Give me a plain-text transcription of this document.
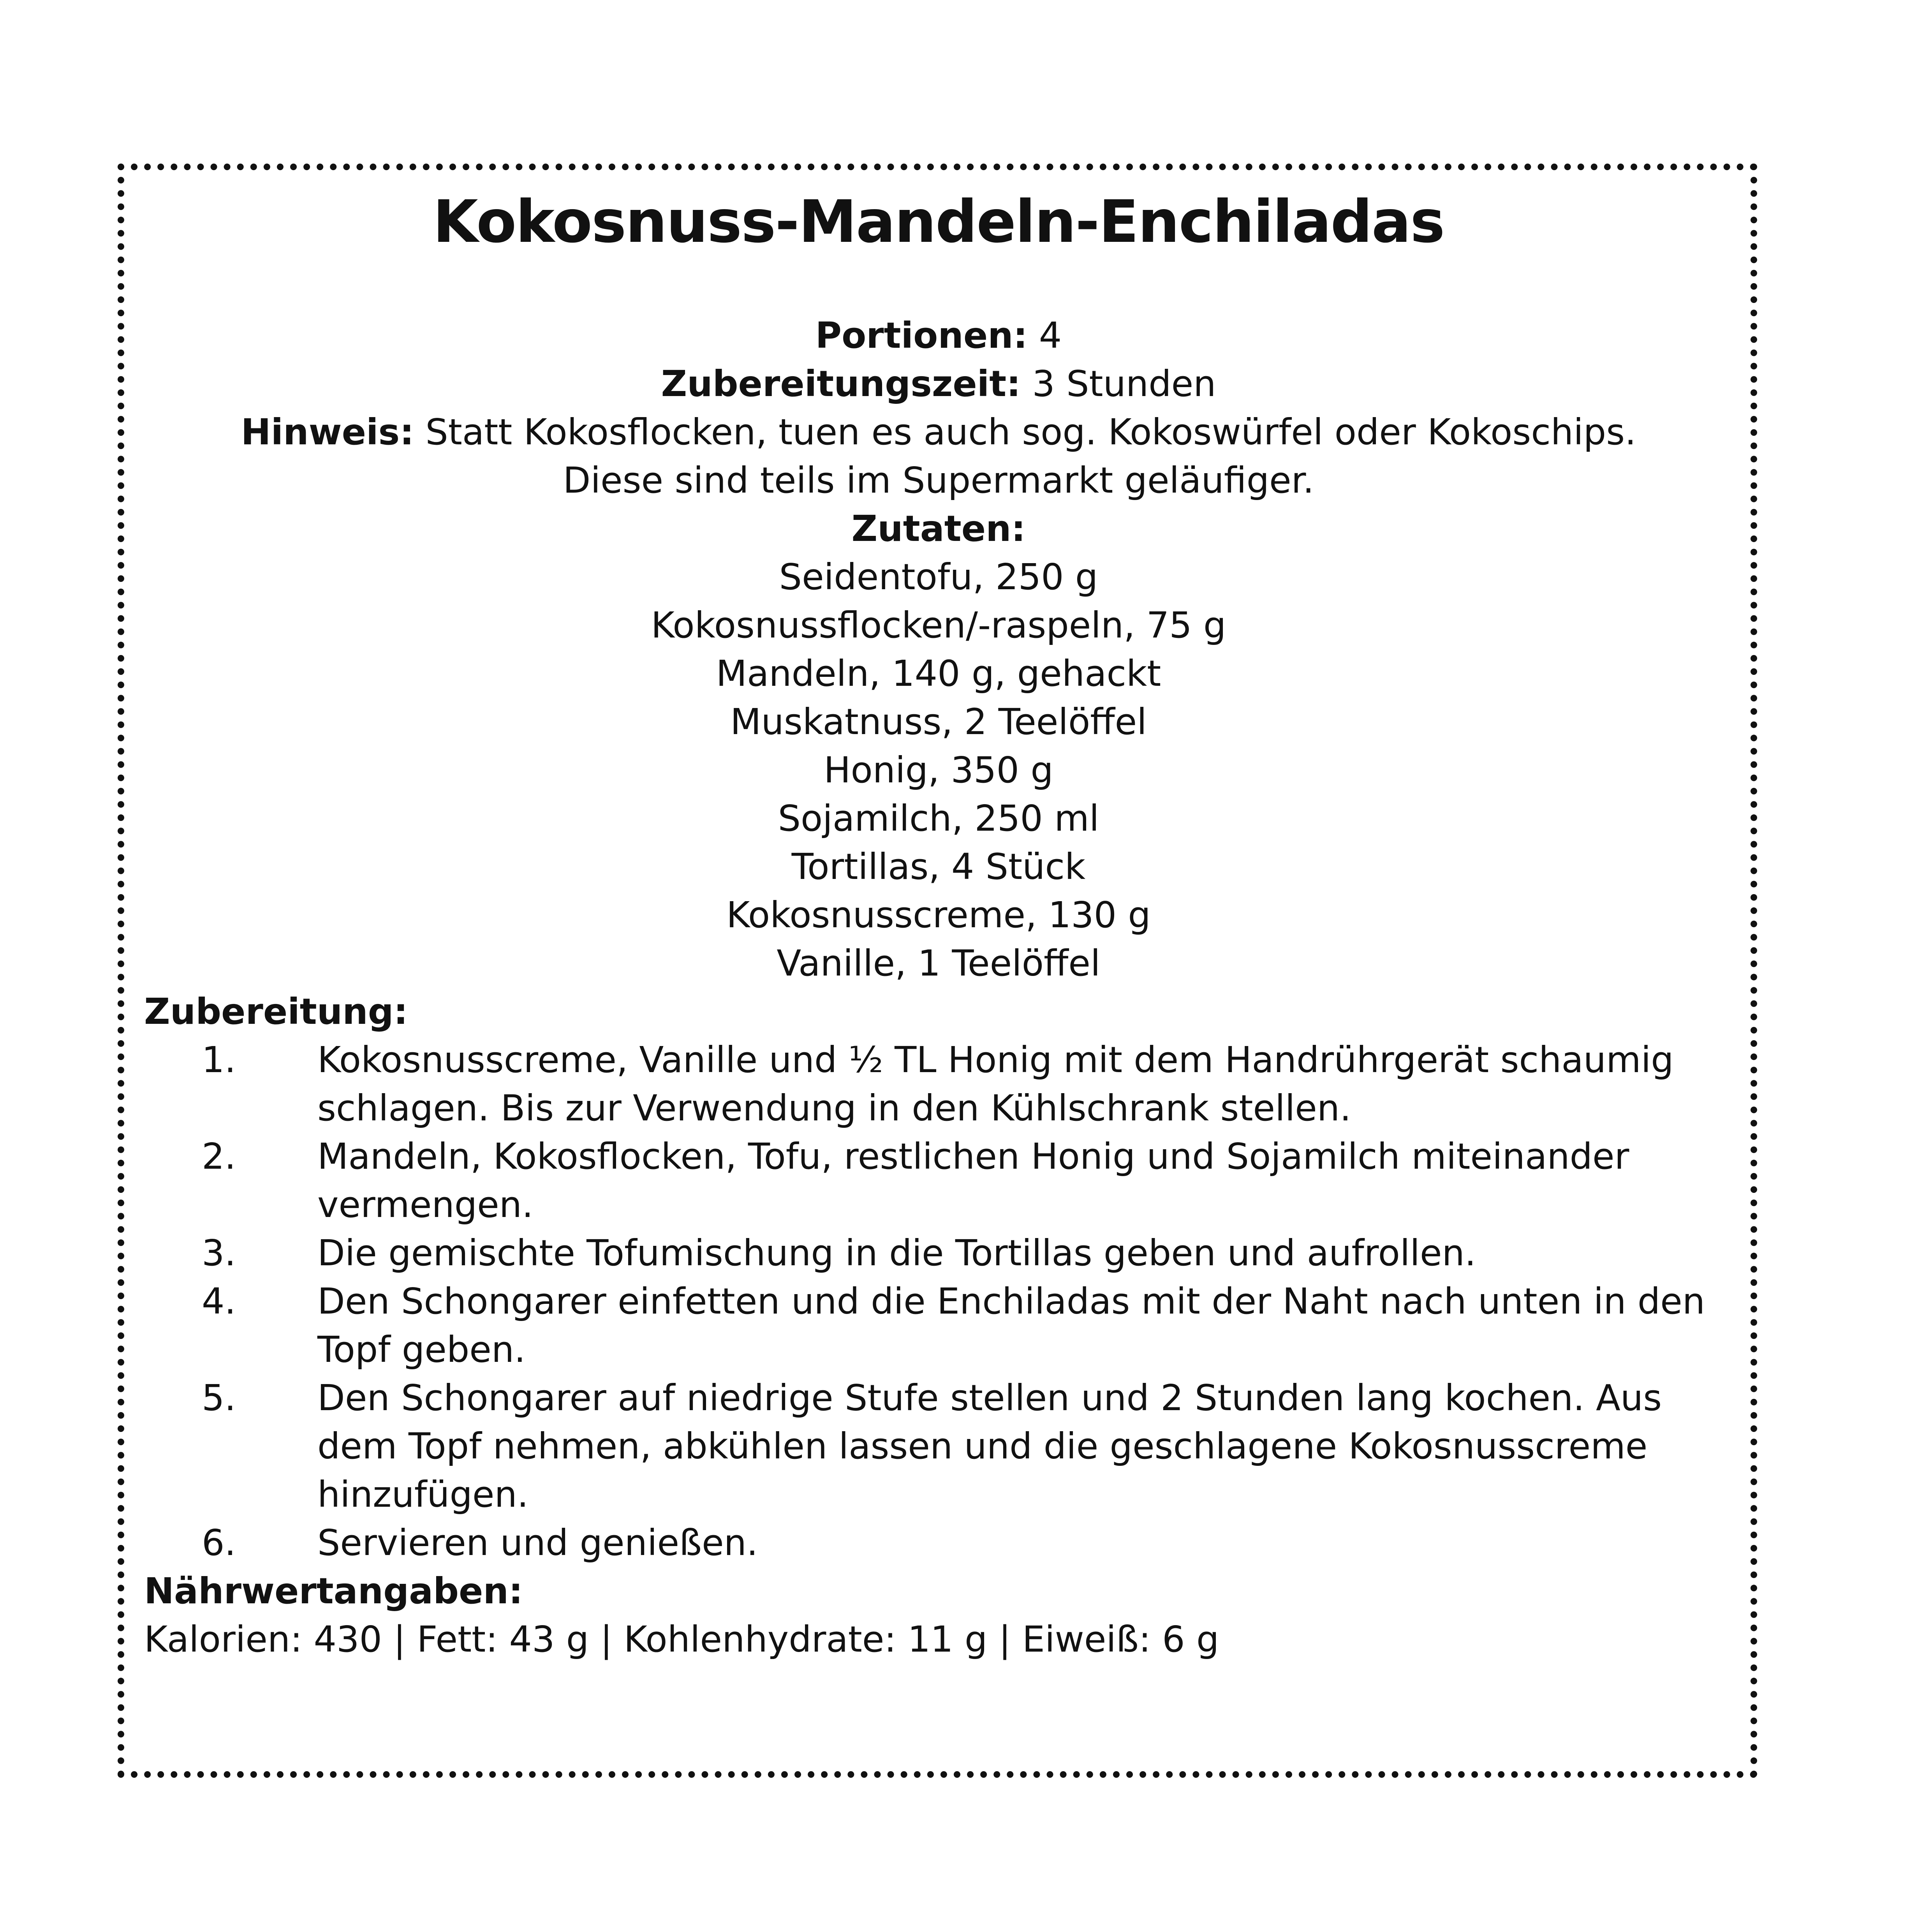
Kokosnuss-Mandeln-Enchiladas
Portionen: 4
Zubereitungszeit: 3 Stunden
Hinweis: Statt Kokosflocken, tuen es auch sog. Kokoswürfel oder Kokoschips.
Diese sind teils im Supermarkt geläufiger.
Zutaten:
Seidentofu, 250 g
Kokosnussflocken/-raspeln, 75 g
Mandeln, 140 g, gehackt
Muskatnuss, 2 Teelöffel
Honig, 350 g
Sojamilch, 250 ml
Tortillas, 4 Stück
Kokosnusscreme, 130 g
Vanille, 1 Teelöffel
Zubereitung:
1.	Kokosnusscreme, Vanille und ½ TL Honig mit dem Handrührgerät schaumig schlagen. Bis zur Verwendung in den Kühlschrank stellen.
2.	Mandeln, Kokosflocken, Tofu, restlichen Honig und Sojamilch miteinander vermengen.
3.	Die gemischte Tofumischung in die Tortillas geben und aufrollen.
4.	Den Schongarer einfetten und die Enchiladas mit der Naht nach unten in den Topf geben.
5.	Den Schongarer auf niedrige Stufe stellen und 2 Stunden lang kochen. Aus dem Topf nehmen, abkühlen lassen und die geschlagene Kokosnusscreme hinzufügen.
6.	Servieren und genießen.
Nährwertangaben:
Kalorien: 430 | Fett: 43 g | Kohlenhydrate: 11 g | Eiweiß: 6 g
